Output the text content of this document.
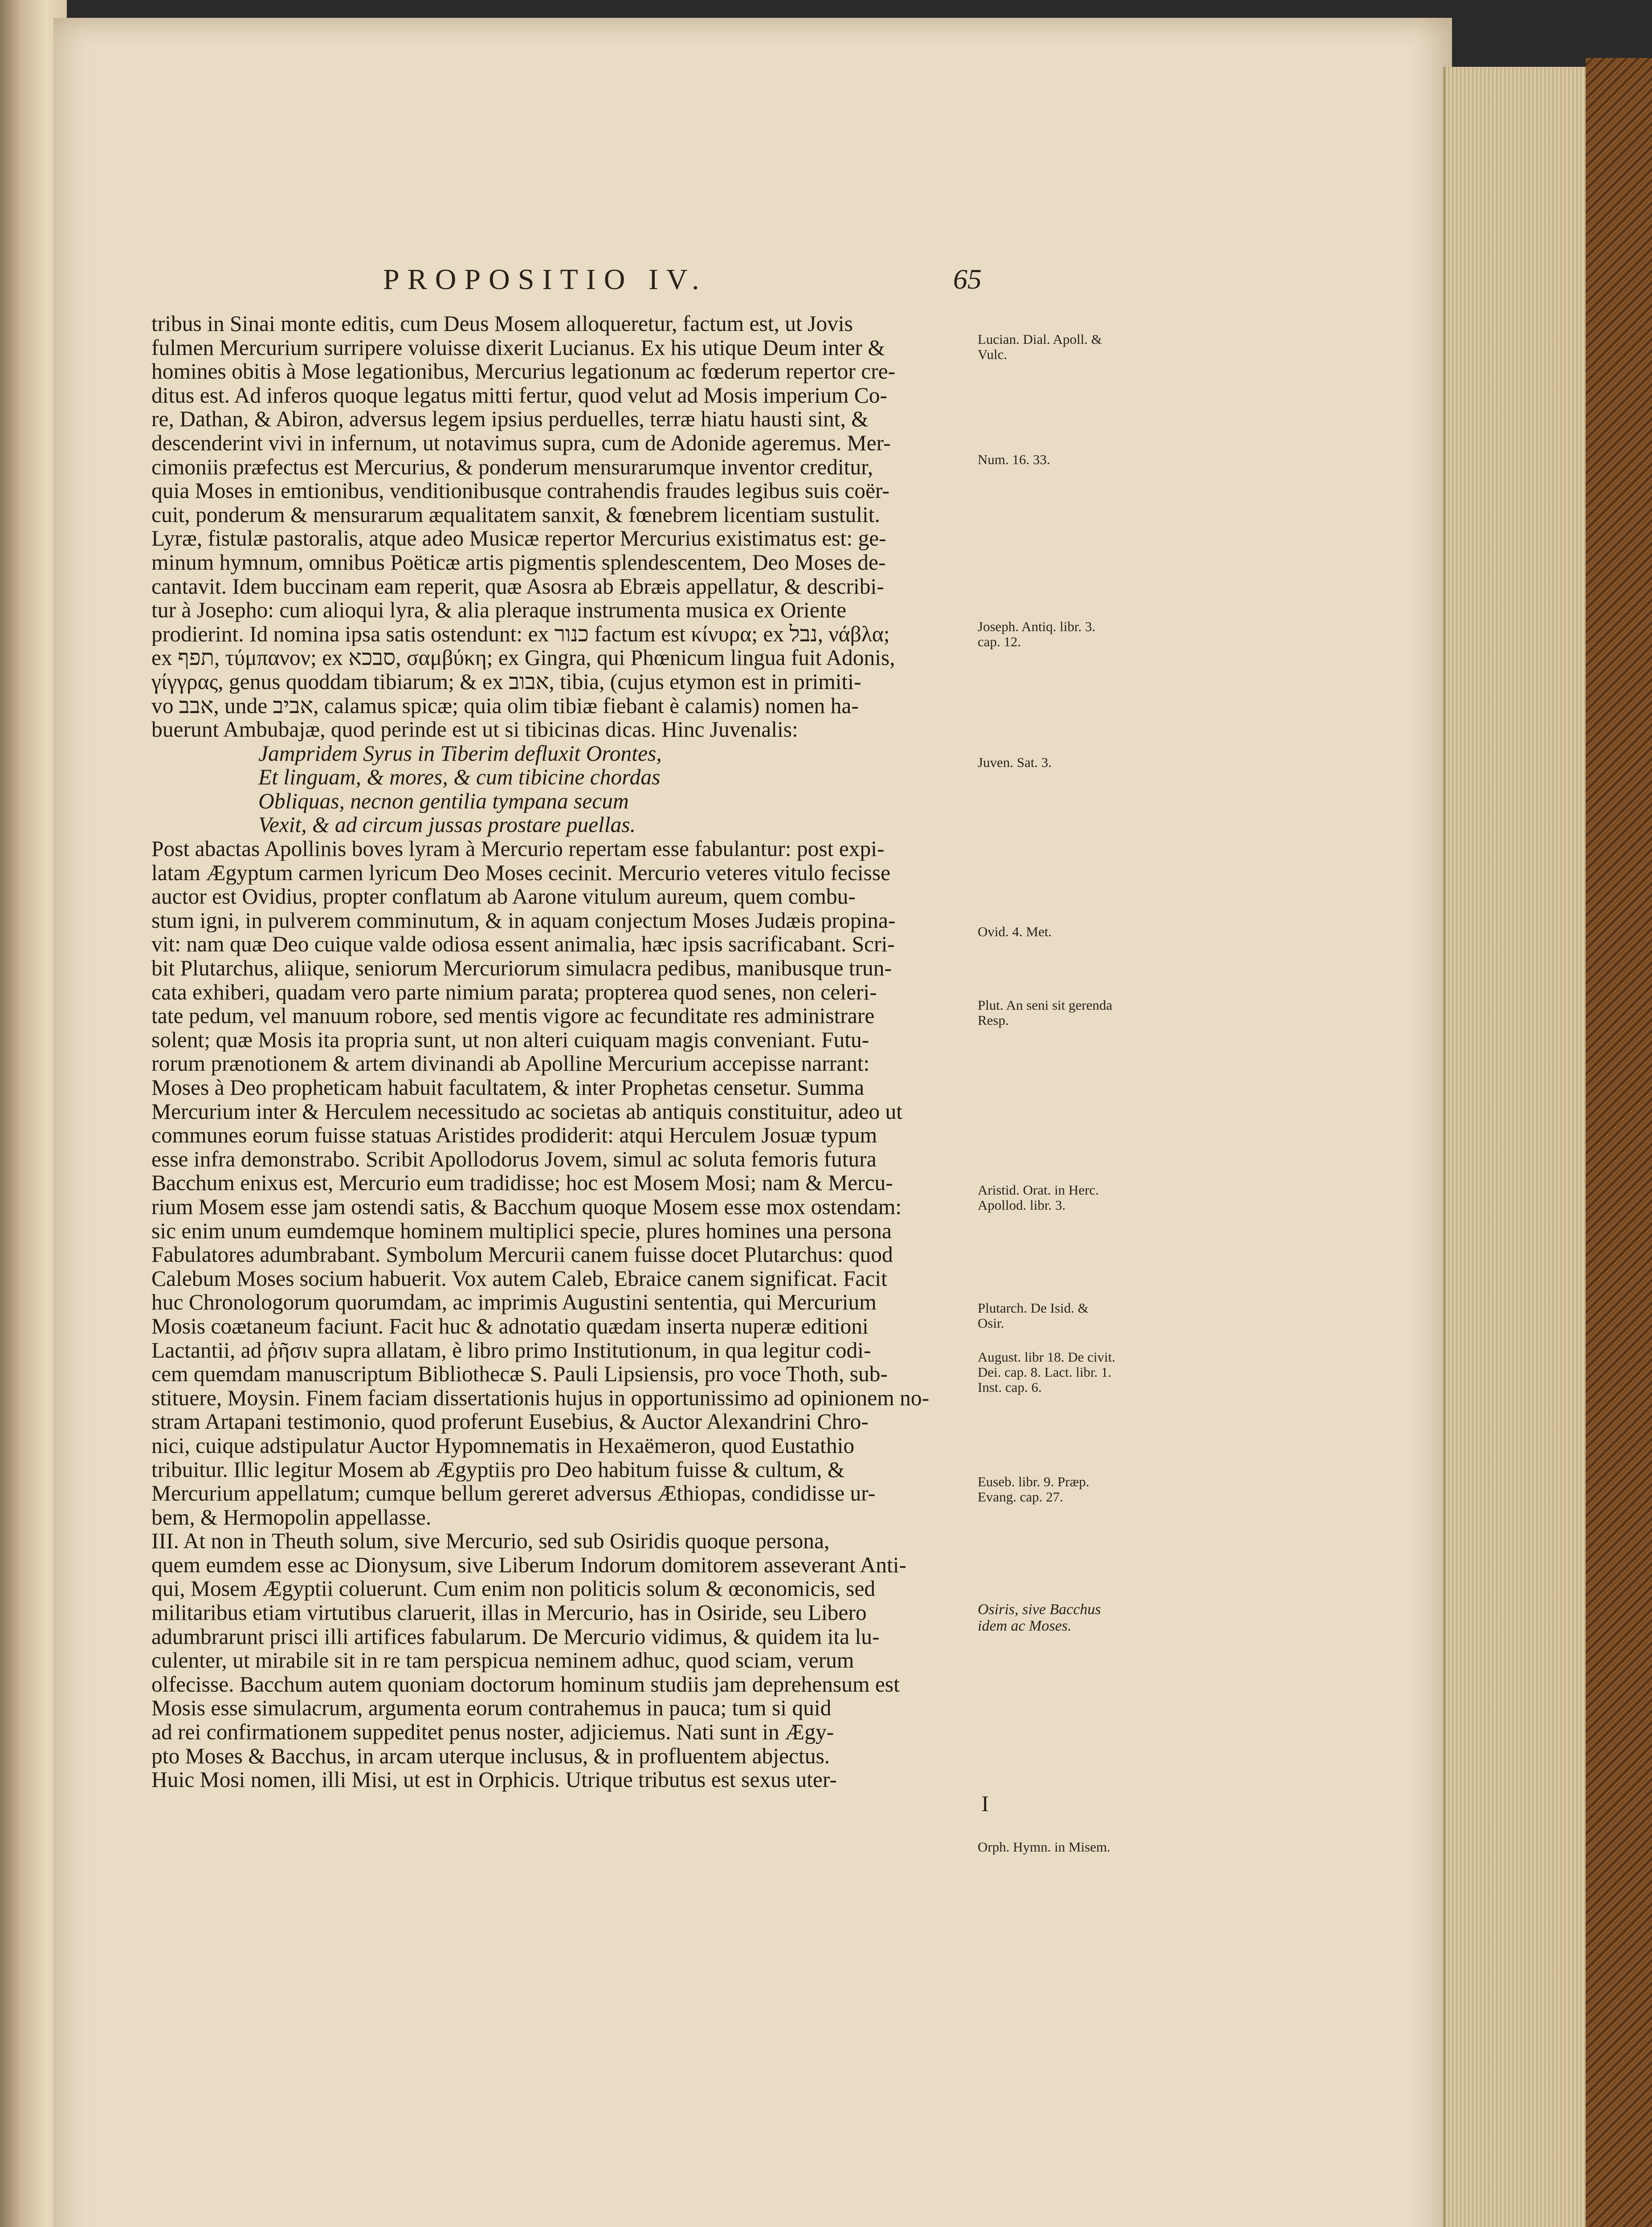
PROPOSITIO IV.	65
tribus in Sinai monte editis, cum Deus Mosem alloqueretur, factum est, ut Jovis
fulmen Mercurium surripere voluisse dixerit Lucianus. Ex his utique Deum inter &
homines obitis à Mose legationibus, Mercurius legationum ac fœderum repertor cre-
ditus est. Ad inferos quoque legatus mitti fertur, quod velut ad Mosis imperium Co-
re, Dathan, & Abiron, adversus legem ipsius perduelles, terræ hiatu hausti sint, &
descenderint vivi in infernum, ut notavimus supra, cum de Adonide ageremus. Mer-
cimoniis præfectus est Mercurius, & ponderum mensurarumque inventor creditur,
quia Moses in emtionibus, venditionibusque contrahendis fraudes legibus suis coër-
cuit, ponderum & mensurarum æqualitatem sanxit, & fœnebrem licentiam sustulit.
Lyræ, fistulæ pastoralis, atque adeo Musicæ repertor Mercurius existimatus est: ge-
minum hymnum, omnibus Poëticæ artis pigmentis splendescentem, Deo Moses de-
cantavit. Idem buccinam eam reperit, quæ Asosra ab Ebræis appellatur, & describi-
tur à Josepho: cum alioqui lyra, & alia pleraque instrumenta musica ex Oriente
prodierint. Id nomina ipsa satis ostendunt: ex כנור factum est κίνυρα; ex נבל, νάβλα;
ex תפף, τύμπανον; ex סבכא, σαμβύκη; ex Gingra, qui Phœnicum lingua fuit Adonis,
γίγγρας, genus quoddam tibiarum; & ex אבוב, tibia, (cujus etymon est in primiti-
vo אבב, unde אביב, calamus spicæ; quia olim tibiæ fiebant è calamis) nomen ha-
buerunt Ambubajæ, quod perinde est ut si tibicinas dicas. Hinc Juvenalis:
Jampridem Syrus in Tiberim defluxit Orontes,
Et linguam, & mores, & cum tibicine chordas
Obliquas, necnon gentilia tympana secum
Vexit, & ad circum jussas prostare puellas.
Post abactas Apollinis boves lyram à Mercurio repertam esse fabulantur: post expi-
latam Ægyptum carmen lyricum Deo Moses cecinit. Mercurio veteres vitulo fecisse
auctor est Ovidius, propter conflatum ab Aarone vitulum aureum, quem combu-
stum igni, in pulverem comminutum, & in aquam conjectum Moses Judæis propina-
vit: nam quæ Deo cuique valde odiosa essent animalia, hæc ipsis sacrificabant. Scri-
bit Plutarchus, aliique, seniorum Mercuriorum simulacra pedibus, manibusque trun-
cata exhiberi, quadam vero parte nimium parata; propterea quod senes, non celeri-
tate pedum, vel manuum robore, sed mentis vigore ac fecunditate res administrare
solent; quæ Mosis ita propria sunt, ut non alteri cuiquam magis conveniant. Futu-
rorum prænotionem & artem divinandi ab Apolline Mercurium accepisse narrant:
Moses à Deo propheticam habuit facultatem, & inter Prophetas censetur. Summa
Mercurium inter & Herculem necessitudo ac societas ab antiquis constituitur, adeo ut
communes eorum fuisse statuas Aristides prodiderit: atqui Herculem Josuæ typum
esse infra demonstrabo. Scribit Apollodorus Jovem, simul ac soluta femoris futura
Bacchum enixus est, Mercurio eum tradidisse; hoc est Mosem Mosi; nam & Mercu-
rium Mosem esse jam ostendi satis, & Bacchum quoque Mosem esse mox ostendam:
sic enim unum eumdemque hominem multiplici specie, plures homines una persona
Fabulatores adumbrabant. Symbolum Mercurii canem fuisse docet Plutarchus: quod
Calebum Moses socium habuerit. Vox autem Caleb, Ebraice canem significat. Facit
huc Chronologorum quorumdam, ac imprimis Augustini sententia, qui Mercurium
Mosis coætaneum faciunt. Facit huc & adnotatio quædam inserta nuperæ editioni
Lactantii, ad ῥῆσιν supra allatam, è libro primo Institutionum, in qua legitur codi-
cem quemdam manuscriptum Bibliothecæ S. Pauli Lipsiensis, pro voce Thoth, sub-
stituere, Moysin. Finem faciam dissertationis hujus in opportunissimo ad opinionem no-
stram Artapani testimonio, quod proferunt Eusebius, & Auctor Alexandrini Chro-
nici, cuique adstipulatur Auctor Hypomnematis in Hexaëmeron, quod Eustathio
tribuitur. Illic legitur Mosem ab Ægyptiis pro Deo habitum fuisse & cultum, &
Mercurium appellatum; cumque bellum gereret adversus Æthiopas, condidisse ur-
bem, & Hermopolin appellasse.
III. At non in Theuth solum, sive Mercurio, sed sub Osiridis quoque persona,
quem eumdem esse ac Dionysum, sive Liberum Indorum domitorem asseverant Anti-
qui, Mosem Ægyptii coluerunt. Cum enim non politicis solum & œconomicis, sed
militaribus etiam virtutibus claruerit, illas in Mercurio, has in Osiride, seu Libero
adumbrarunt prisci illi artifices fabularum. De Mercurio vidimus, & quidem ita lu-
culenter, ut mirabile sit in re tam perspicua neminem adhuc, quod sciam, verum
olfecisse. Bacchum autem quoniam doctorum hominum studiis jam deprehensum est
Mosis esse simulacrum, argumenta eorum contrahemus in pauca; tum si quid
ad rei confirmationem suppeditet penus noster, adjiciemus. Nati sunt in Ægy-
pto Moses & Bacchus, in arcam uterque inclusus, & in profluentem abjectus.
Huic Mosi nomen, illi Misi, ut est in Orphicis. Utrique tributus est sexus uter-
I
Lucian. Dial. Apoll. & Vulc.
Num. 16. 33.
Joseph. Antiq. libr. 3. cap. 12.
Juven. Sat. 3.
Ovid. 4. Met.
Plut. An seni sit gerenda Resp.
Aristid. Orat. in Herc. Apollod. libr. 3.
Plutarch. De Isid. & Osir.
August. libr 18. De civit. Dei. cap. 8. Lact. libr. 1. Inst. cap. 6.
Euseb. libr. 9. Præp. Evang. cap. 27.
Osiris, sive Bacchus idem ac Moses.
Orph. Hymn. in Misem.
